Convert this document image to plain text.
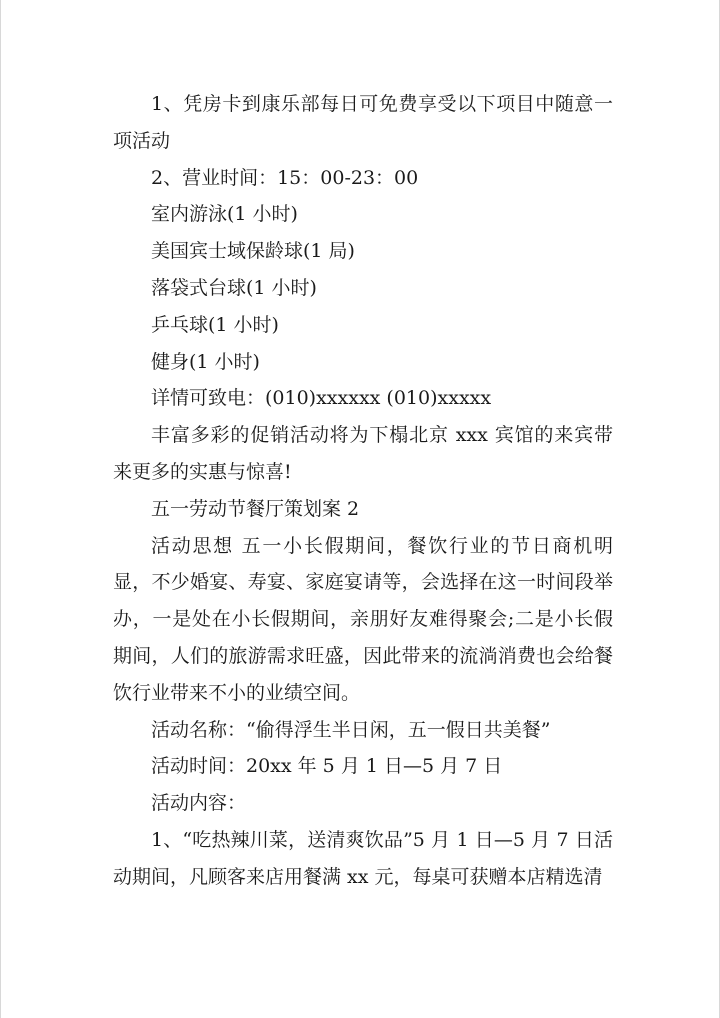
1、凭房卡到康乐部每日可免费享受以下项目中随意一项活动

2、营业时间：15：00-23：00

室内游泳(1 小时)

美国宾士域保龄球(1 局)

落袋式台球(1 小时)

乒乓球(1 小时)

健身(1 小时)

详情可致电：(010)xxxxxx (010)xxxxx

丰富多彩的促销活动将为下榻北京 xxx 宾馆的来宾带来更多的实惠与惊喜!

五一劳动节餐厅策划案 2

活动思想 五一小长假期间，餐饮行业的节日商机明显，不少婚宴、寿宴、家庭宴请等，会选择在这一时间段举办，一是处在小长假期间，亲朋好友难得聚会;二是小长假期间，人们的旅游需求旺盛，因此带来的流淌消费也会给餐饮行业带来不小的业绩空间。

活动名称：“偷得浮生半日闲，五一假日共美餐”

活动时间：20xx 年 5 月 1 日—5 月 7 日

活动内容：

1、“吃热辣川菜，送清爽饮品”5 月 1 日—5 月 7 日活动期间，凡顾客来店用餐满 xx 元，每桌可获赠本店精选清
